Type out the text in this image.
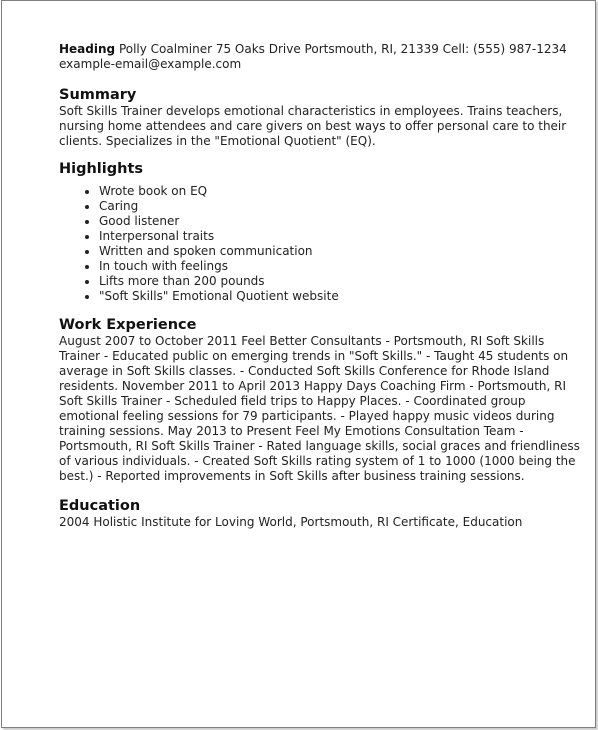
Heading Polly Coalminer 75 Oaks Drive Portsmouth, RI, 21339 Cell: (555) 987-1234 example-email@example.com

Summary

Soft Skills Trainer develops emotional characteristics in employees. Trains teachers, nursing home attendees and care givers on best ways to offer personal care to their clients. Specializes in the "Emotional Quotient" (EQ).

Highlights
• Wrote book on EQ
• Caring
• Good listener
• Interpersonal traits
• Written and spoken communication
• In touch with feelings
• Lifts more than 200 pounds
• "Soft Skills" Emotional Quotient website
Work Experience

August 2007 to October 2011 Feel Better Consultants - Portsmouth, RI Soft Skills Trainer - Educated public on emerging trends in "Soft Skills." - Taught 45 students on average in Soft Skills classes. - Conducted Soft Skills Conference for Rhode Island residents. November 2011 to April 2013 Happy Days Coaching Firm - Portsmouth, RI Soft Skills Trainer - Scheduled field trips to Happy Places. - Coordinated group emotional feeling sessions for 79 participants. - Played happy music videos during training sessions. May 2013 to Present Feel My Emotions Consultation Team - Portsmouth, RI Soft Skills Trainer - Rated language skills, social graces and friendliness of various individuals. - Created Soft Skills rating system of 1 to 1000 (1000 being the best.) - Reported improvements in Soft Skills after business training sessions.

Education

2004 Holistic Institute for Loving World, Portsmouth, RI Certificate, Education
